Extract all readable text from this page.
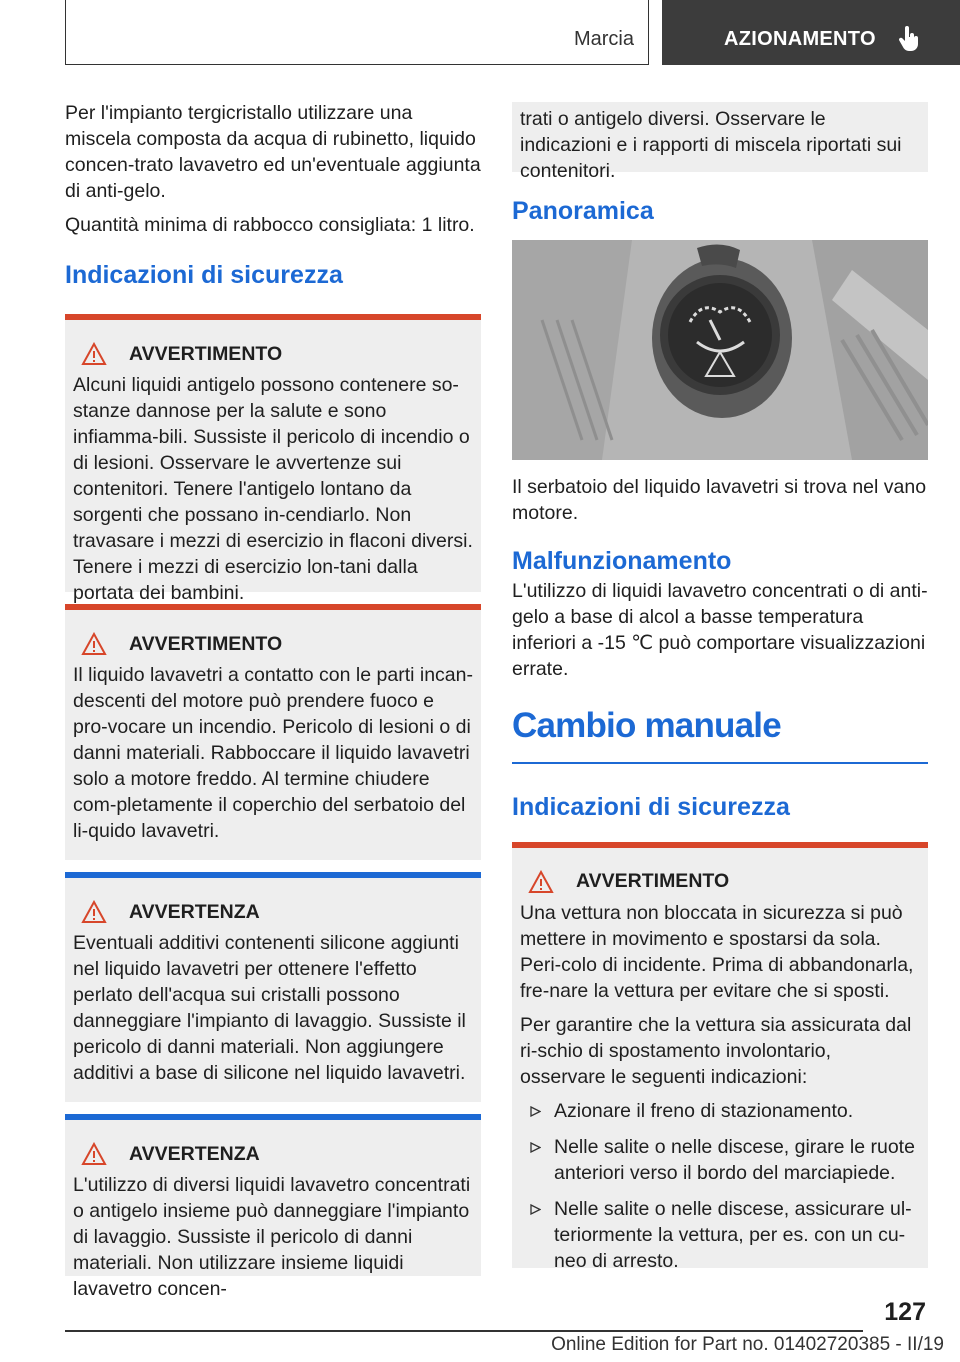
Marcia	AZIONAMENTO

Per l'impianto tergicristallo utilizzare una miscela composta da acqua di rubinetto, liquido concen-trato lavavetro ed un'eventuale aggiunta di anti-gelo.

Quantità minima di rabbocco consigliata: 1 litro.

Indicazioni di sicurezza
AVVERTIMENTO

Alcuni liquidi antigelo possono contenere so-stanze dannose per la salute e sono infiamma-bili. Sussiste il pericolo di incendio o di lesioni. Osservare le avvertenze sui contenitori. Tenere l'antigelo lontano da sorgenti che possano in-cendiarlo. Non travasare i mezzi di esercizio in flaconi diversi. Tenere i mezzi di esercizio lon-tani dalla portata dei bambini.

AVVERTIMENTO

Il liquido lavavetri a contatto con le parti incan-descenti del motore può prendere fuoco e pro-vocare un incendio. Pericolo di lesioni o di danni materiali. Rabboccare il liquido lavavetri solo a motore freddo. Al termine chiudere com-pletamente il coperchio del serbatoio del li-quido lavavetri.

AVVERTENZA

Eventuali additivi contenenti silicone aggiunti nel liquido lavavetri per ottenere l'effetto perlato dell'acqua sui cristalli possono danneggiare l'impianto di lavaggio. Sussiste il pericolo di danni materiali. Non aggiungere additivi a base di silicone nel liquido lavavetri.

AVVERTENZA

L'utilizzo di diversi liquidi lavavetro concentrati o antigelo insieme può danneggiare l'impianto di lavaggio. Sussiste il pericolo di danni materiali. Non utilizzare insieme liquidi lavavetro concen-

trati o antigelo diversi. Osservare le indicazioni e i rapporti di miscela riportati sui contenitori.

Panoramica

Il serbatoio del liquido lavavetri si trova nel vano motore.

Malfunzionamento

L'utilizzo di liquidi lavavetro concentrati o di anti-gelo a base di alcol a basse temperatura inferiori a -15 ℃ può comportare visualizzazioni errate.

Cambio manuale
Indicazioni di sicurezza
AVVERTIMENTO

Una vettura non bloccata in sicurezza si può mettere in movimento e spostarsi da sola. Peri-colo di incidente. Prima di abbandonarla, fre-nare la vettura per evitare che si sposti.

Per garantire che la vettura sia assicurata dal ri-schio di spostamento involontario, osservare le seguenti indicazioni:

Azionare il freno di stazionamento.
Nelle salite o nelle discese, girare le ruote anteriori verso il bordo del marciapiede.
Nelle salite o nelle discese, assicurare ul-teriormente la vettura, per es. con un cu-neo di arresto.
127
Online Edition for Part no. 01402720385 - II/19
